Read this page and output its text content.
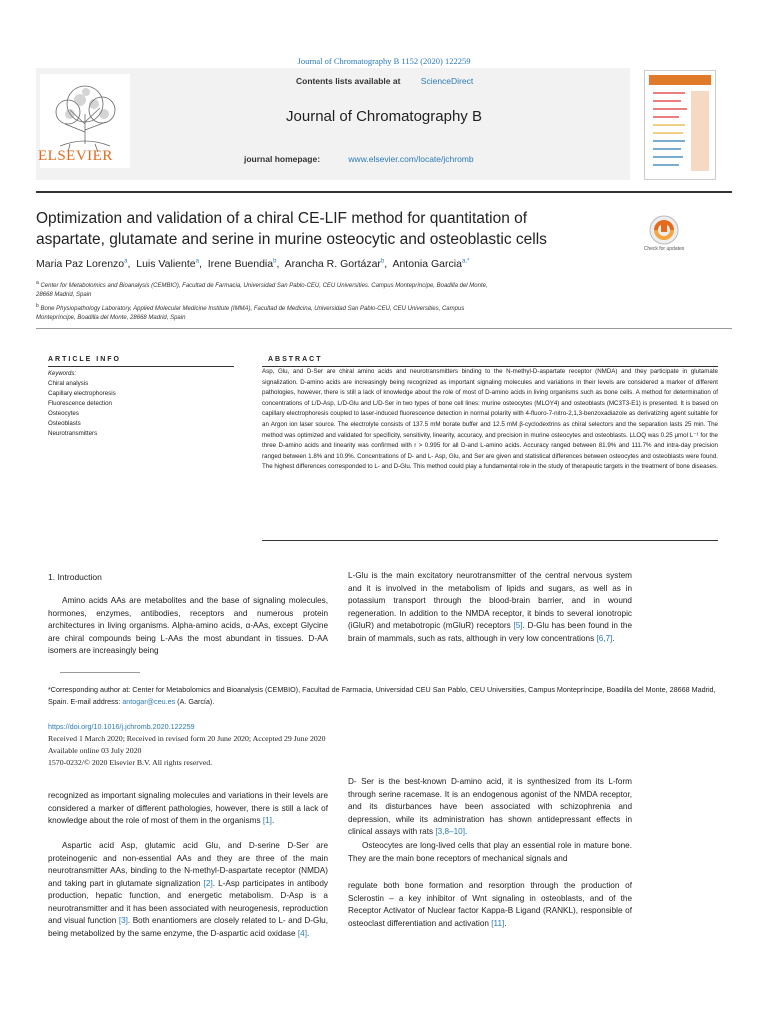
Journal of Chromatography B 1152 (2020) 122259
ELSEVIER
Contents lists available at ScienceDirect
Journal of Chromatography B
journal homepage:	www.elsevier.com/locate/jchromb
Optimization and validation of a chiral CE-LIF method for quantitation of
aspartate, glutamate and serine in murine osteocytic and osteoblastic cells
Check for updates
Maria Paz Lorenzo$^a$,  Luis Valiente$^a$,  Irene Buendia$^b$,  Arancha R. Gortázar$^b$,  Antonia Garcia$^{a,*}$
$^a$ Center for Metabolomics and Bioanalysis (CEMBIO), Facultad de Farmacia, Universidad San Pablo-CEU, CEU Universities. Campus Montepríncipe, Boadilla del Monte,
28668 Madrid, Spain
$^b$ Bone Physiopathology Laboratory, Applied Molecular Medicine Institute (IMMA), Facultad de Medicina, Universidad San Pablo-CEU, CEU Universities, Campus
Montepríncipe, Boadilla del Monte, 28668 Madrid, Spain
ARTICLE INFO
Keywords:
Chiral analysis
Capillary electrophoresis
Fluorescence detection
Osteocytes
Osteoblasts
Neurotransmitters
ABSTRACT
Asp, Glu, and D-Ser are chiral amino acids and neurotransmitters binding to the N-methyl-D-aspartate receptor (NMDA) and they participate in glutamate signalization. D-amino acids are increasingly being recognized as important signaling molecules and variations in their levels are considered a marker of different pathologies, however, there is still a lack of knowledge about the role of most of D-amino acids in living organisms such as bone cells. A method for determination of concentrations of L/D-Asp, L/D-Glu and L/D-Ser in two types of bone cell lines: murine osteocytes (MLOY4) and osteoblasts (MC3T3-E1) is presented. It is based on capillary electrophoresis coupled to laser-induced fluorescence detection in normal polarity with 4-fluoro-7-nitro-2,1,3-benzoxadiazole as derivatizing agent suitable for an Argon ion laser source. The electrolyte consists of 137.5 mM borate buffer and 12.5 mM β-cyclodextrins as chiral selectors and the separation lasts 25 min. The method was optimized and validated for specificity, sensitivity, linearity, accuracy, and precision in murine osteocytes and osteoblasts. LLOQ was 0.25 μmol L⁻¹ for the three D-amino acids and linearity was confirmed with r > 0.995 for all D-and L-amino acids. Accuracy ranged between 81.9% and 111.7% and intra-day precision ranged between 1.8% and 10.9%. Concentrations of D- and L- Asp, Glu, and Ser are given and statistical differences between osteocytes and osteoblasts were found. The highest differences corresponded to L- and D-Glu. This method could play a fundamental role in the study of therapeutic targets in the treatment of bone diseases.
1. Introduction
Amino acids AAs are metabolites and the base of signaling molecules, hormones, enzymes, antibodies, receptors and numerous protein architectures in living organisms. Alpha-amino acids, α-AAs, except Glycine are chiral compounds being L-AAs the most abundant in tissues. D-AA isomers are increasingly being
L-Glu is the main excitatory neurotransmitter of the central nervous system and it is involved in the metabolism of lipids and sugars, as well as in potassium transport through the blood-brain barrier, and in wound regeneration. In addition to the NMDA receptor, it binds to several ionotropic (iGluR) and metabotropic (mGluR) receptors [5]. D-Glu has been found in the brain of mammals, such as rats, although in very low concentrations [6,7].
*Corresponding author at: Center for Metabolomics and Bioanalysis (CEMBIO), Facultad de Farmacia, Universidad CEU San Pablo, CEU Universities, Campus Montepríncipe, Boadilla del Monte, 28668 Madrid, Spain. E-mail address: antogar@ceu.es (A. García).
https://doi.org/10.1016/j.jchromb.2020.122259
Received 1 March 2020; Received in revised form 20 June 2020; Accepted 29 June 2020
Available online 03 July 2020
1570-0232/© 2020 Elsevier B.V. All rights reserved.
recognized as important signaling molecules and variations in their levels are considered a marker of different pathologies, however, there is still a lack of knowledge about the role of most of them in the organisms [1].
Aspartic acid Asp, glutamic acid Glu, and D-serine D-Ser are proteinogenic and non-essential AAs and they are three of the main neurotransmitter AAs, binding to the N-methyl-D-aspartate receptor (NMDA) and taking part in glutamate signalization [2]. L-Asp participates in antibody production, hepatic function, and energetic metabolism. D-Asp is a neurotransmitter and it has been associated with neurogenesis, reproduction and visual function [3]. Both enantiomers are closely related to L- and D-Glu, being metabolized by the same enzyme, the D-aspartic acid oxidase [4].
D- Ser is the best-known D-amino acid, it is synthesized from its L-form through serine racemase. It is an endogenous agonist of the NMDA receptor, and its disturbances have been associated with schizophrenia and depression, while its administration has shown antidepressant effects in clinical assays with rats [3,8–10].
Osteocytes are long-lived cells that play an essential role in mature bone. They are the main bone receptors of mechanical signals and
regulate both bone formation and resorption through the production of Sclerostin – a key inhibitor of Wnt signaling in osteoblasts, and of the Receptor Activator of Nuclear factor Kappa-B Ligand (RANKL), responsible of osteoclast differentiation and activation [11].
